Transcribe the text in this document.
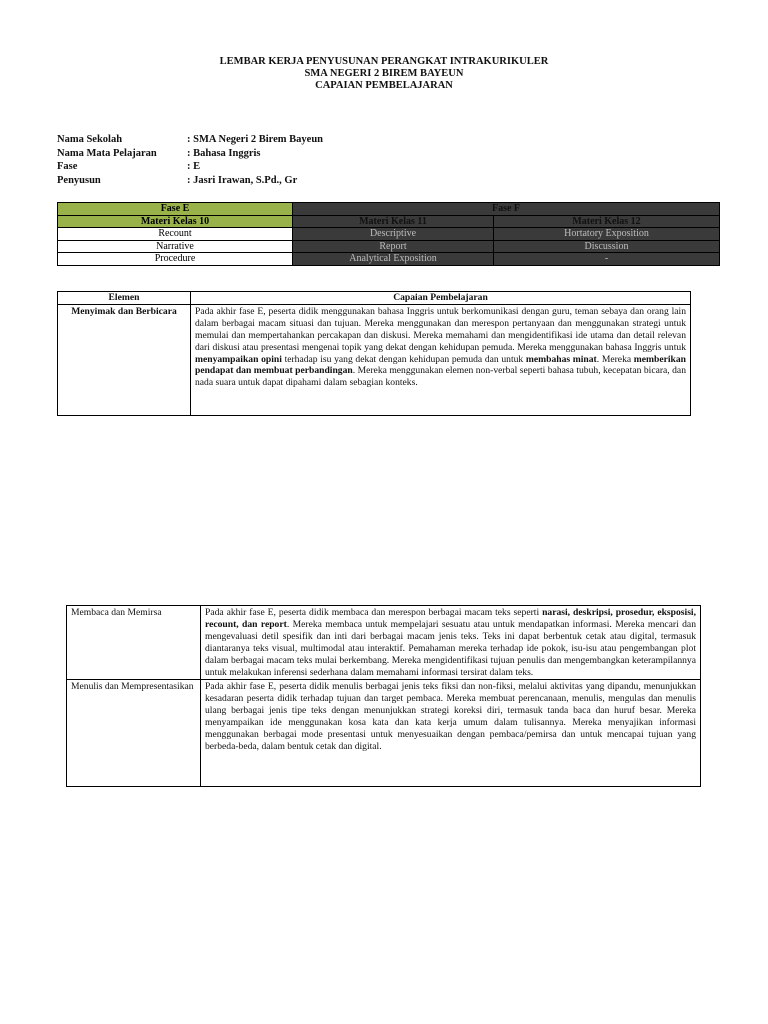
LEMBAR KERJA PENYUSUNAN PERANGKAT INTRAKURIKULER
SMA NEGERI 2 BIREM BAYEUN
CAPAIAN PEMBELAJARAN
Nama Sekolah	: SMA Negeri 2 Birem Bayeun
Nama Mata Pelajaran	: Bahasa Inggris
Fase	: E
Penyusun	: Jasri Irawan, S.Pd., Gr
Fase E	Fase F	
Materi Kelas 10	Materi Kelas 11	Materi Kelas 12
Recount	Descriptive	Hortatory Exposition
Narrative	Report	Discussion
Procedure	Analytical Exposition	-
Elemen	Capaian Pembelajaran
Menyimak dan Berbicara	Pada akhir fase E, peserta didik menggunakan bahasa Inggris untuk berkomunikasi dengan guru, teman sebaya dan orang lain dalam berbagai macam situasi dan tujuan. Mereka menggunakan dan merespon pertanyaan dan menggunakan strategi untuk memulai dan mempertahankan percakapan dan diskusi. Mereka memahami dan mengidentifikasi ide utama dan detail relevan dari diskusi atau presentasi mengenai topik yang dekat dengan kehidupan pemuda. Mereka menggunakan bahasa Inggris untuk menyampaikan opini terhadap isu yang dekat dengan kehidupan pemuda dan untuk membahas minat. Mereka memberikan pendapat dan membuat perbandingan. Mereka menggunakan elemen non-verbal seperti bahasa tubuh, kecepatan bicara, dan nada suara untuk dapat dipahami dalam sebagian konteks.
Membaca dan Memirsa	Pada akhir fase E, peserta didik membaca dan merespon berbagai macam teks seperti narasi, deskripsi, prosedur, eksposisi, recount, dan report. Mereka membaca untuk mempelajari sesuatu atau untuk mendapatkan informasi. Mereka mencari dan mengevaluasi detil spesifik dan inti dari berbagai macam jenis teks. Teks ini dapat berbentuk cetak atau digital, termasuk diantaranya teks visual, multimodal atau interaktif. Pemahaman mereka terhadap ide pokok, isu-isu atau pengembangan plot dalam berbagai macam teks mulai berkembang. Mereka mengidentifikasi tujuan penulis dan mengembangkan keterampilannya untuk melakukan inferensi sederhana dalam memahami informasi tersirat dalam teks.
Menulis dan Mempresentasikan	Pada akhir fase E, peserta didik menulis berbagai jenis teks fiksi dan non-fiksi, melalui aktivitas yang dipandu, menunjukkan kesadaran peserta didik terhadap tujuan dan target pembaca. Mereka membuat perencanaan, menulis, mengulas dan menulis ulang berbagai jenis tipe teks dengan menunjukkan strategi koreksi diri, termasuk tanda baca dan huruf besar. Mereka menyampaikan ide menggunakan kosa kata dan kata kerja umum dalam tulisannya. Mereka menyajikan informasi menggunakan berbagai mode presentasi untuk menyesuaikan dengan pembaca/pemirsa dan untuk mencapai tujuan yang berbeda-beda, dalam bentuk cetak dan digital.
